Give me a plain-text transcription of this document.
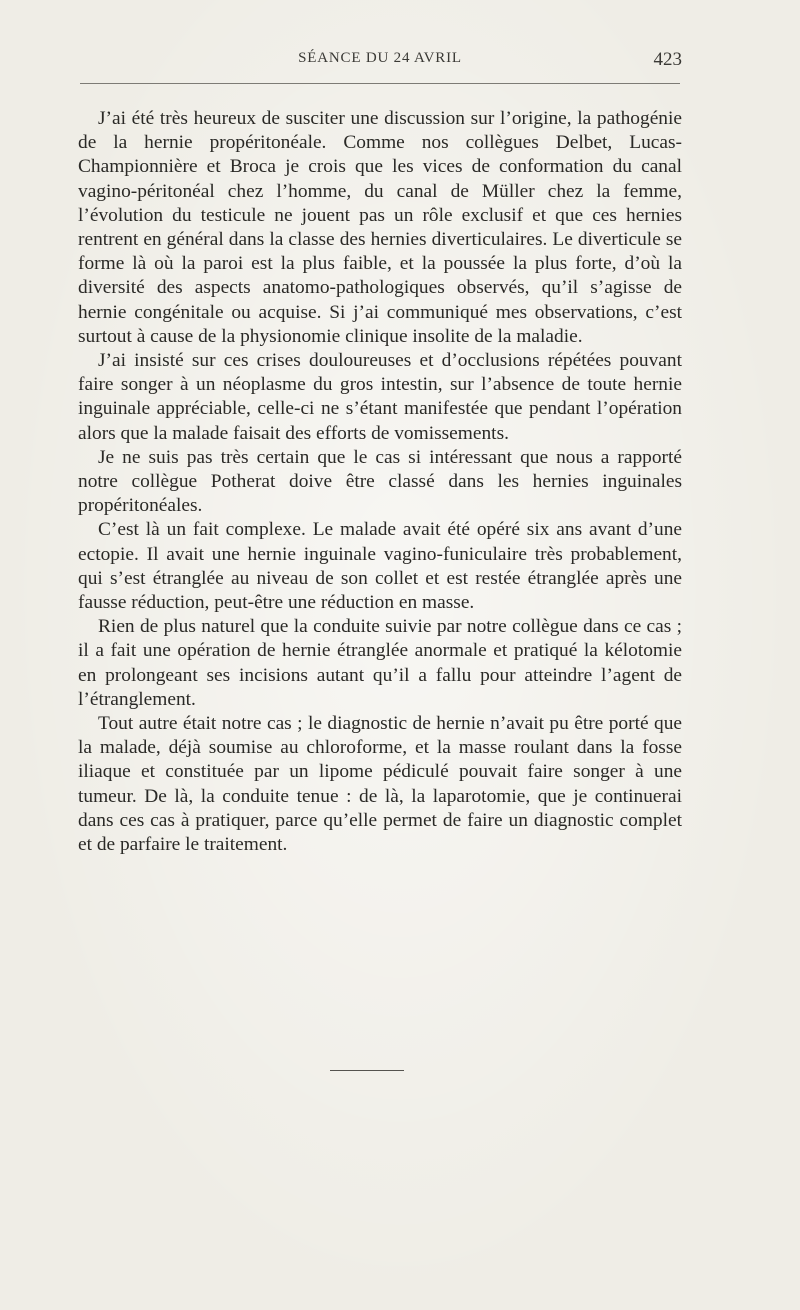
SÉANCE DU 24 AVRIL	423

J’ai été très heureux de susciter une discussion sur l’origine, la pathogénie de la hernie propéritonéale. Comme nos collègues Delbet, Lucas-Championnière et Broca je crois que les vices de conformation du canal vagino-péritonéal chez l’homme, du canal de Müller chez la femme, l’évolution du testicule ne jouent pas un rôle exclusif et que ces hernies rentrent en général dans la classe des hernies diverticulaires. Le diverticule se forme là où la paroi est la plus faible, et la poussée la plus forte, d’où la diversité des aspects anatomo-pathologiques observés, qu’il s’agisse de hernie congénitale ou acquise. Si j’ai communiqué mes observations, c’est surtout à cause de la physionomie clinique insolite de la maladie.

J’ai insisté sur ces crises douloureuses et d’occlusions répétées pouvant faire songer à un néoplasme du gros intestin, sur l’absence de toute hernie inguinale appréciable, celle-ci ne s’étant manifestée que pendant l’opération alors que la malade faisait des efforts de vomissements.

Je ne suis pas très certain que le cas si intéressant que nous a rapporté notre collègue Potherat doive être classé dans les hernies inguinales propéritonéales.

C’est là un fait complexe. Le malade avait été opéré six ans avant d’une ectopie. Il avait une hernie inguinale vagino-funiculaire très probablement, qui s’est étranglée au niveau de son collet et est restée étranglée après une fausse réduction, peut-être une réduction en masse.

Rien de plus naturel que la conduite suivie par notre collègue dans ce cas ; il a fait une opération de hernie étranglée anormale et pratiqué la kélotomie en prolongeant ses incisions autant qu’il a fallu pour atteindre l’agent de l’étranglement.

Tout autre était notre cas ; le diagnostic de hernie n’avait pu être porté que la malade, déjà soumise au chloroforme, et la masse roulant dans la fosse iliaque et constituée par un lipome pédiculé pouvait faire songer à une tumeur. De là, la conduite tenue : de là, la laparotomie, que je continuerai dans ces cas à pratiquer, parce qu’elle permet de faire un diagnostic complet et de parfaire le traitement.
